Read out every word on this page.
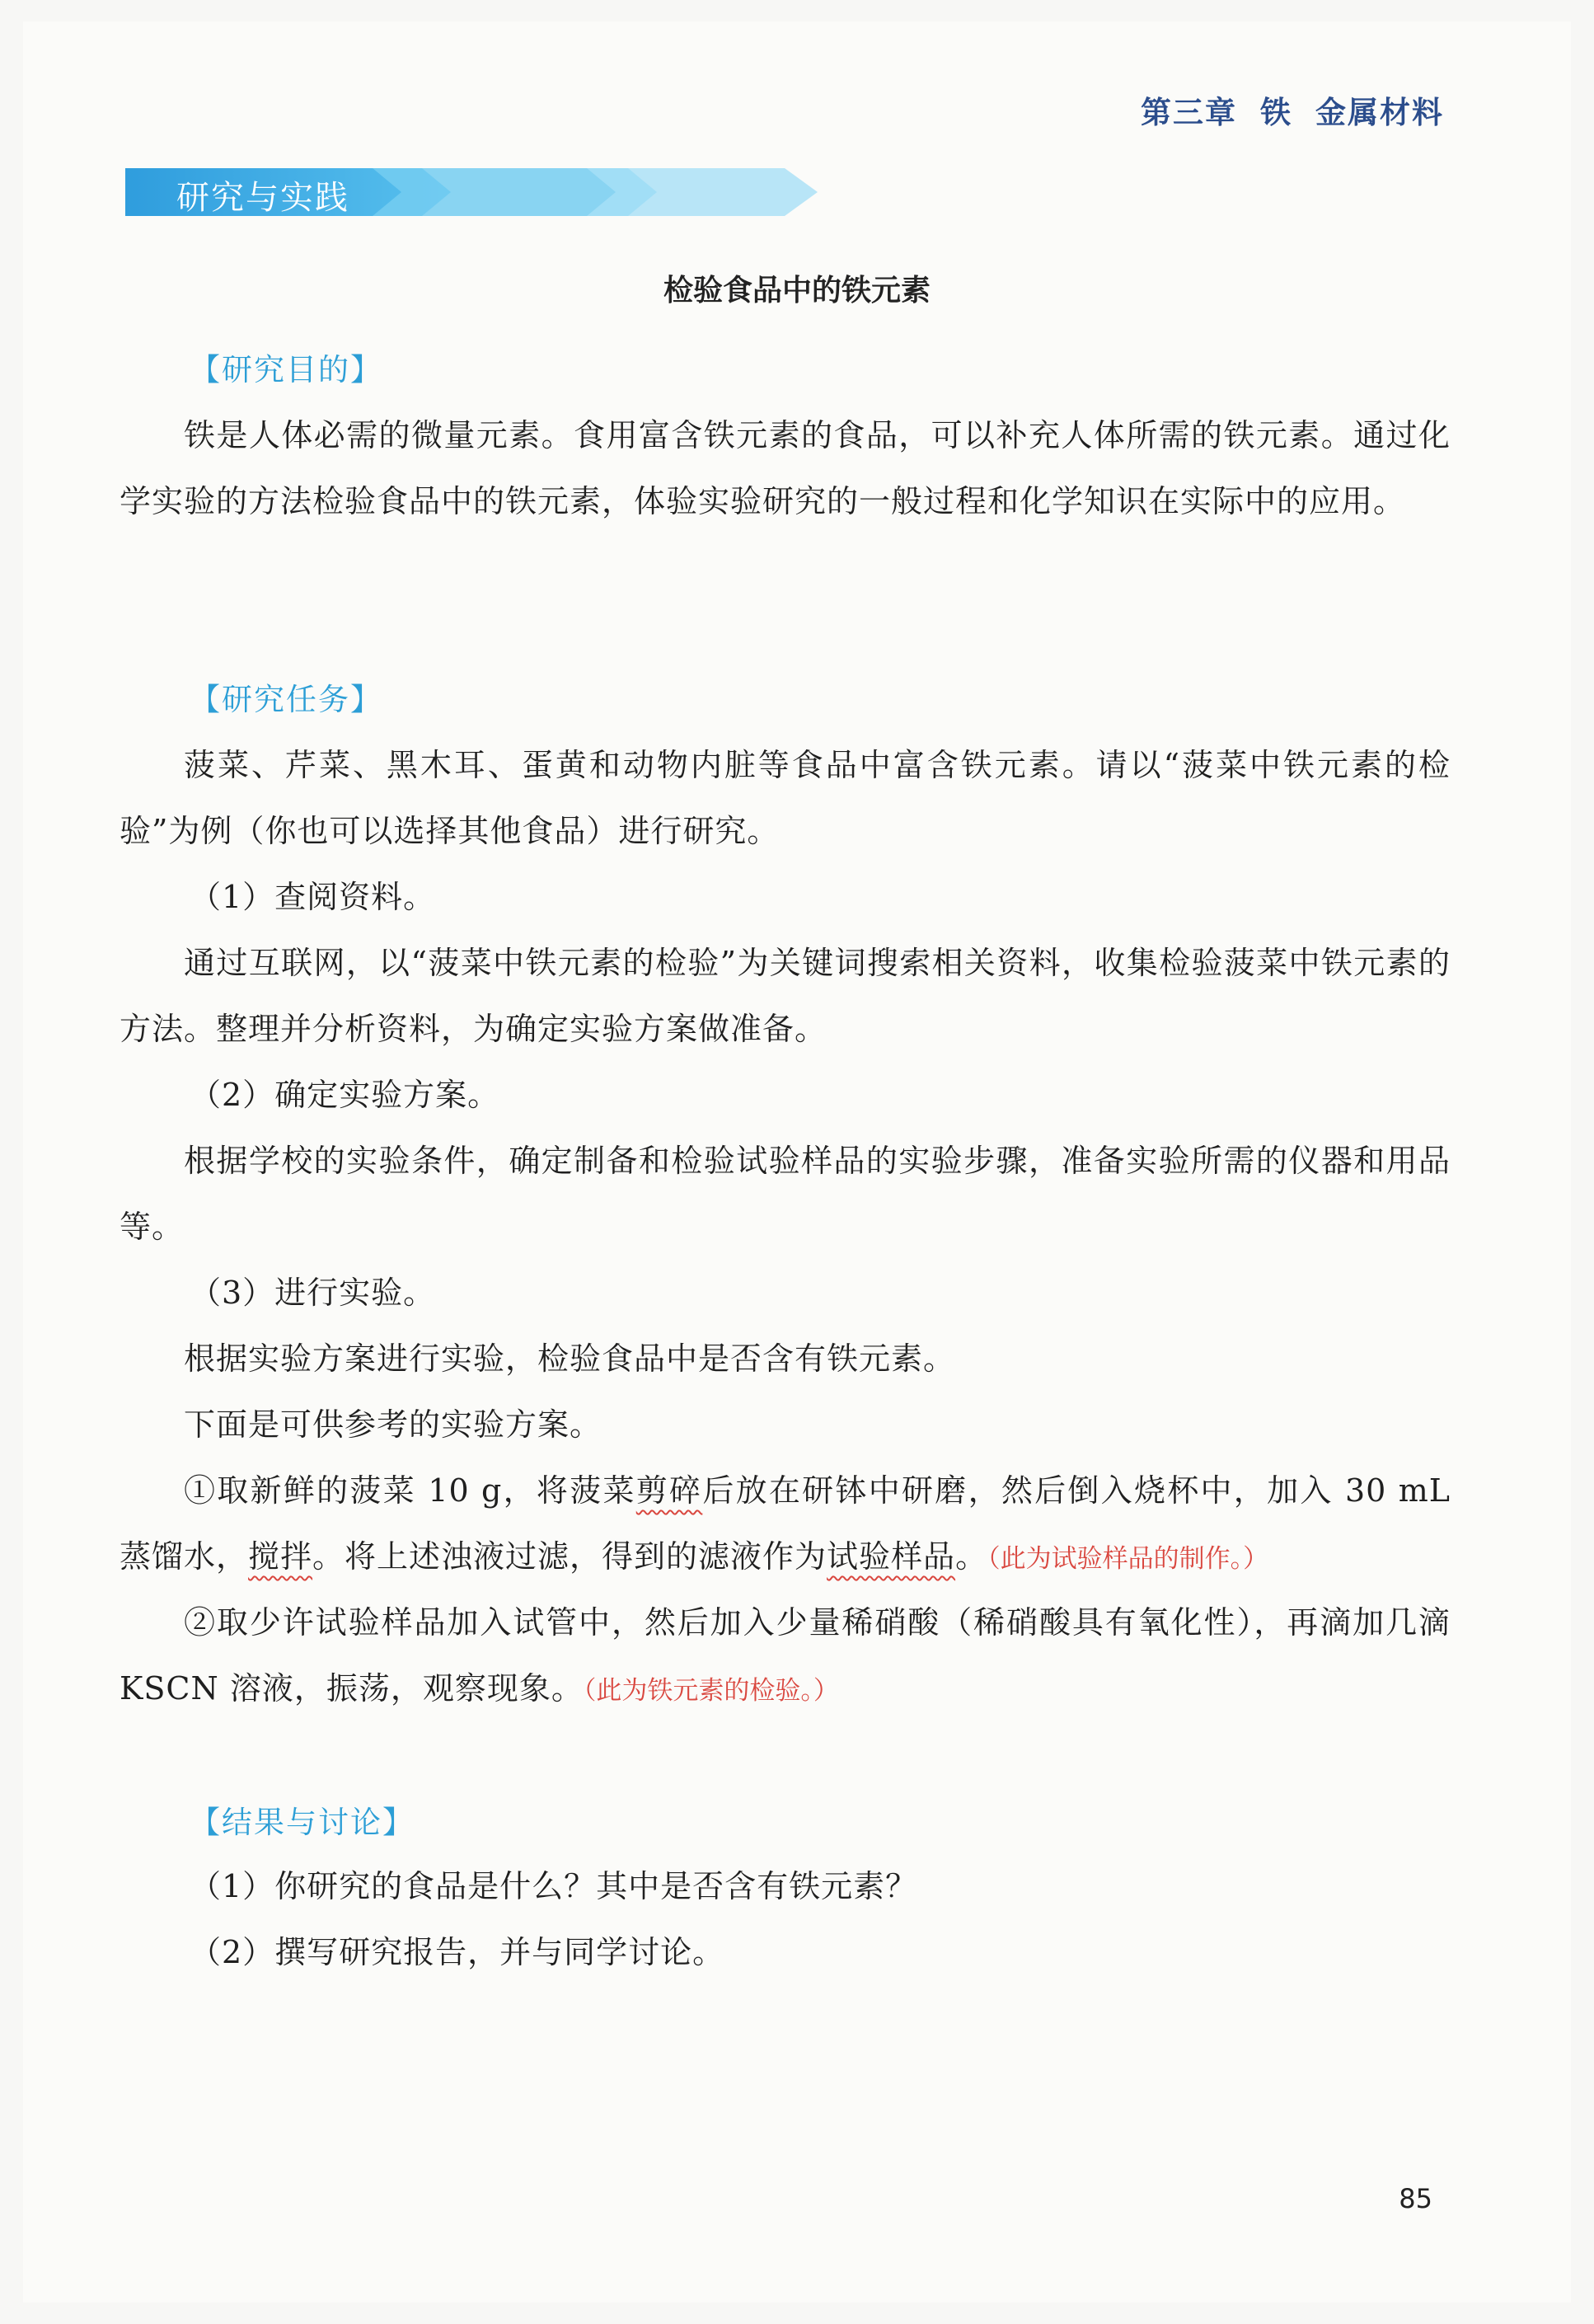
第三章 铁 金属材料
研究与实践
检验食品中的铁元素
【研究目的】

铁是人体必需的微量元素。食用富含铁元素的食品，可以补充人体所需的铁元素。通过化学实验的方法检验食品中的铁元素，体验实验研究的一般过程和化学知识在实际中的应用。

【研究任务】

菠菜、芹菜、黑木耳、蛋黄和动物内脏等食品中富含铁元素。请以“菠菜中铁元素的检验”为例（你也可以选择其他食品）进行研究。

（1）查阅资料。

通过互联网，以“菠菜中铁元素的检验”为关键词搜索相关资料，收集检验菠菜中铁元素的方法。整理并分析资料，为确定实验方案做准备。

（2）确定实验方案。

根据学校的实验条件，确定制备和检验试验样品的实验步骤，准备实验所需的仪器和用品等。

（3）进行实验。

根据实验方案进行实验，检验食品中是否含有铁元素。

下面是可供参考的实验方案。

①取新鲜的菠菜 10 g，将菠菜剪碎后放在研钵中研磨，然后倒入烧杯中，加入 30 mL 蒸馏水，搅拌。将上述浊液过滤，得到的滤液作为试验样品。（此为试验样品的制作。）

②取少许试验样品加入试管中，然后加入少量稀硝酸（稀硝酸具有氧化性），再滴加几滴 KSCN 溶液，振荡，观察现象。（此为铁元素的检验。）

【结果与讨论】
（1）你研究的食品是什么？其中是否含有铁元素？
（2）撰写研究报告，并与同学讨论。
85
